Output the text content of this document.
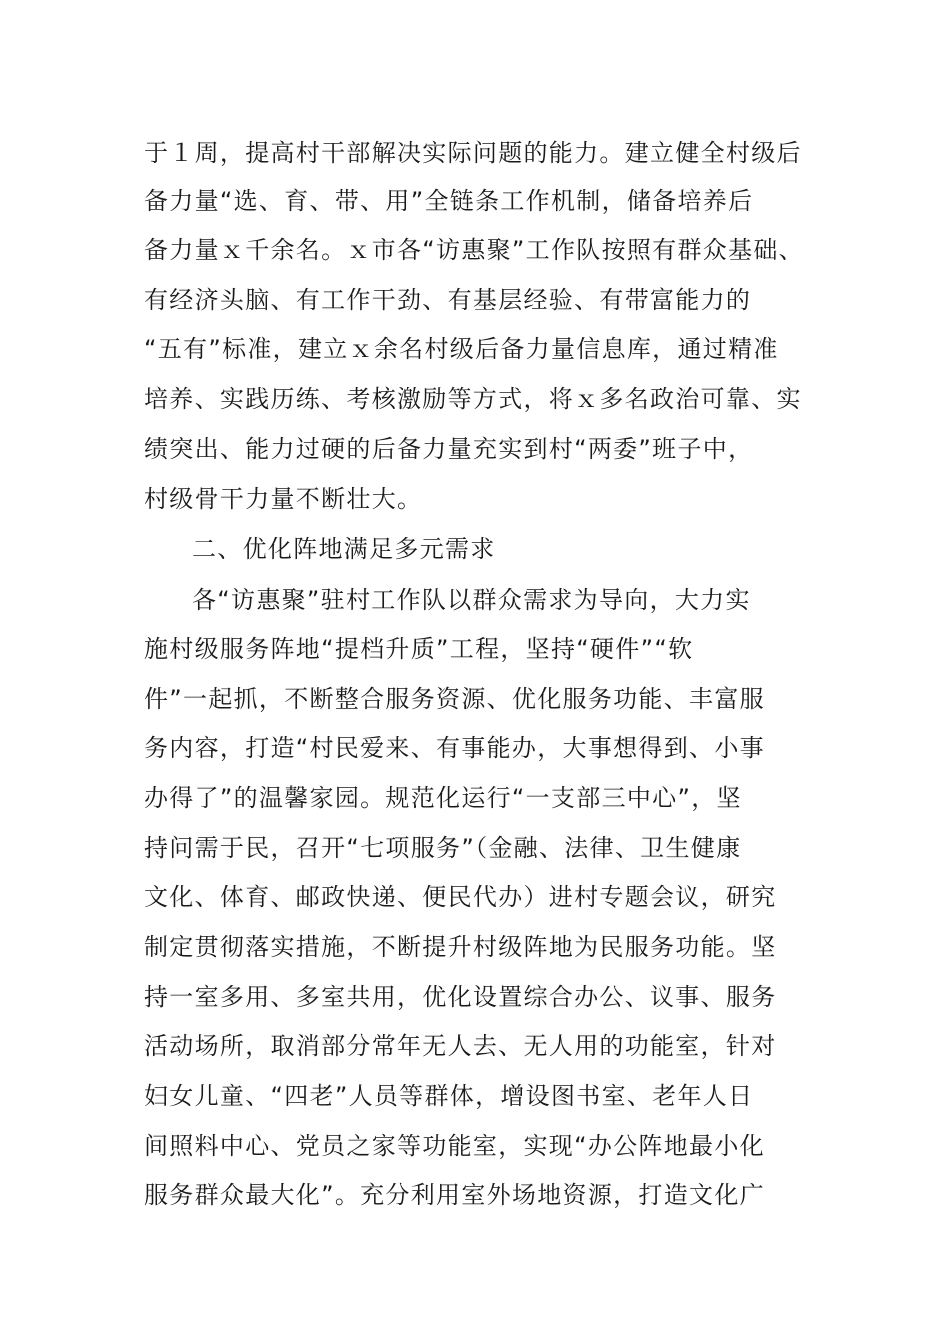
于１周，提高村干部解决实际问题的能力。建立健全村级后
备力量“选、育、带、用”全链条工作机制，储备培养后
备力量ｘ千余名。ｘ市各“访惠聚”工作队按照有群众基础、
有经济头脑、有工作干劲、有基层经验、有带富能力的
“五有”标准，建立ｘ余名村级后备力量信息库，通过精准
培养、实践历练、考核激励等方式，将ｘ多名政治可靠、实
绩突出、能力过硬的后备力量充实到村“两委”班子中，
村级骨干力量不断壮大。
二、优化阵地满足多元需求
各“访惠聚”驻村工作队以群众需求为导向，大力实
施村级服务阵地“提档升质”工程，坚持“硬件”“软
件”一起抓，不断整合服务资源、优化服务功能、丰富服
务内容，打造“村民爱来、有事能办，大事想得到、小事
办得了”的温馨家园。规范化运行“一支部三中心”，坚
持问需于民，召开“七项服务”（金融、法律、卫生健康
文化、体育、邮政快递、便民代办）进村专题会议，研究
制定贯彻落实措施，不断提升村级阵地为民服务功能。坚
持一室多用、多室共用，优化设置综合办公、议事、服务
活动场所，取消部分常年无人去、无人用的功能室，针对
妇女儿童、“四老”人员等群体，增设图书室、老年人日
间照料中心、党员之家等功能室，实现“办公阵地最小化
服务群众最大化”。充分利用室外场地资源，打造文化广
